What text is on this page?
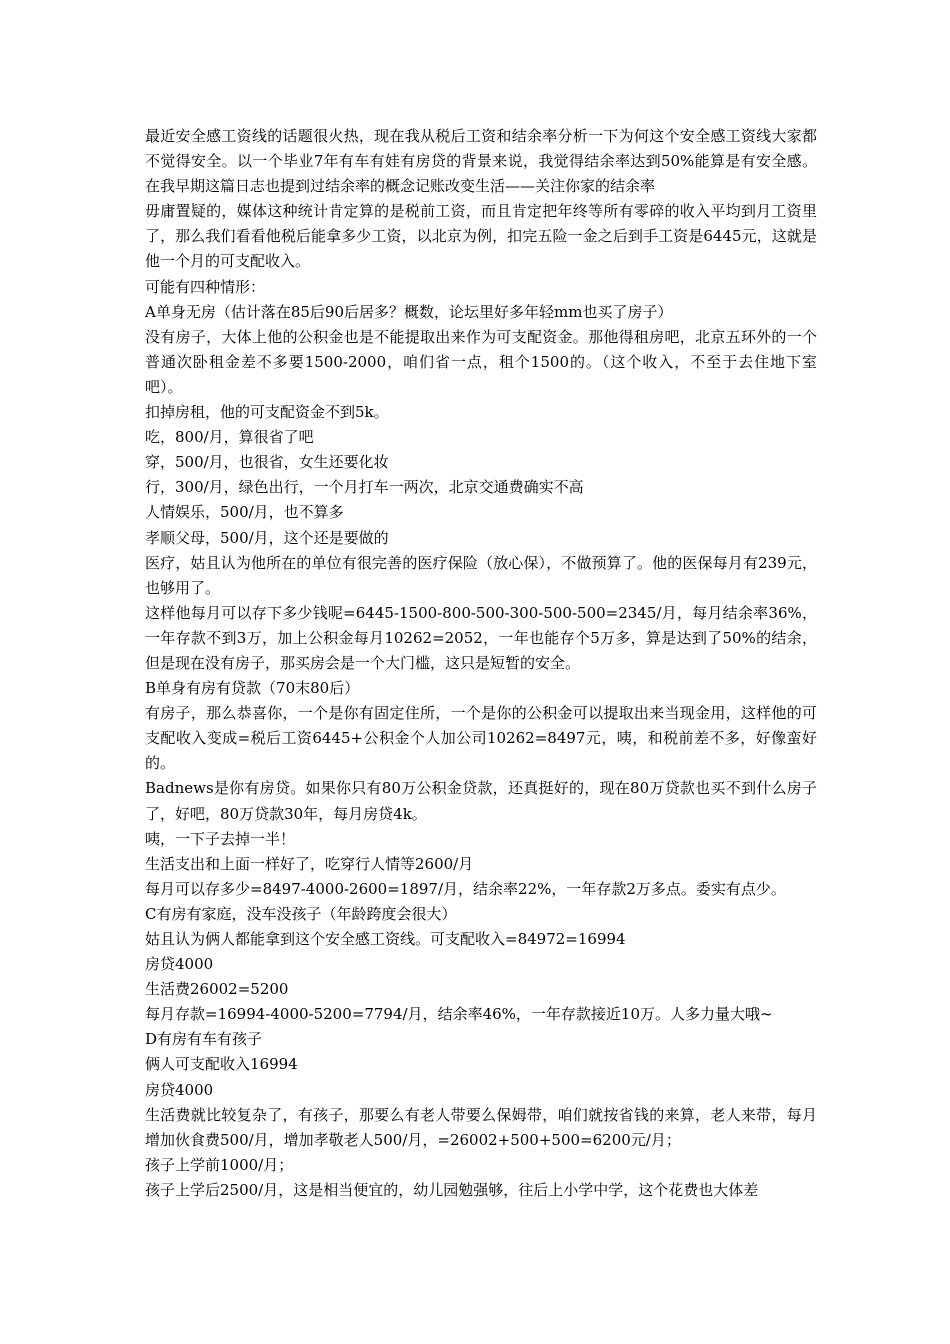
最近安全感工资线的话题很火热，现在我从税后工资和结余率分析一下为何这个安全感工资线大家都不觉得安全。以一个毕业7年有车有娃有房贷的背景来说，我觉得结余率达到50%能算是有安全感。在我早期这篇日志也提到过结余率的概念记账改变生活——关注你家的结余率

毋庸置疑的，媒体这种统计肯定算的是税前工资，而且肯定把年终等所有零碎的收入平均到月工资里了，那么我们看看他税后能拿多少工资，以北京为例，扣完五险一金之后到手工资是6445元，这就是他一个月的可支配收入。

可能有四种情形：

A单身无房（估计落在85后90后居多？概数，论坛里好多年轻mm也买了房子）

没有房子，大体上他的公积金也是不能提取出来作为可支配资金。那他得租房吧，北京五环外的一个普通次卧租金差不多要1500-2000，咱们省一点，租个1500的。（这个收入，不至于去住地下室吧）。

扣掉房租，他的可支配资金不到5k。

吃，800/月，算很省了吧

穿，500/月，也很省，女生还要化妆

行，300/月，绿色出行，一个月打车一两次，北京交通费确实不高

人情娱乐，500/月，也不算多

孝顺父母，500/月，这个还是要做的

医疗，姑且认为他所在的单位有很完善的医疗保险（放心保），不做预算了。他的医保每月有239元，也够用了。

这样他每月可以存下多少钱呢=6445-1500-800-500-300-500-500=2345/月，每月结余率36%，一年存款不到3万，加上公积金每月10262=2052，一年也能存个5万多，算是达到了50%的结余，但是现在没有房子，那买房会是一个大门槛，这只是短暂的安全。

B单身有房有贷款（70末80后）

有房子，那么恭喜你，一个是你有固定住所，一个是你的公积金可以提取出来当现金用，这样他的可支配收入变成=税后工资6445+公积金个人加公司10262=8497元，咦，和税前差不多，好像蛮好的。

Badnews是你有房贷。如果你只有80万公积金贷款，还真挺好的，现在80万贷款也买不到什么房子了，好吧，80万贷款30年，每月房贷4k。

咦，一下子去掉一半！

生活支出和上面一样好了，吃穿行人情等2600/月

每月可以存多少=8497-4000-2600=1897/月，结余率22%，一年存款2万多点。委实有点少。

C有房有家庭，没车没孩子（年龄跨度会很大）

姑且认为俩人都能拿到这个安全感工资线。可支配收入=84972=16994

房贷4000

生活费26002=5200

每月存款=16994-4000-5200=7794/月，结余率46%，一年存款接近10万。人多力量大哦~

D有房有车有孩子

俩人可支配收入16994

房贷4000

生活费就比较复杂了，有孩子，那要么有老人带要么保姆带，咱们就按省钱的来算，老人来带，每月增加伙食费500/月，增加孝敬老人500/月，=26002+500+500=6200元/月；

孩子上学前1000/月；

孩子上学后2500/月，这是相当便宜的，幼儿园勉强够，往后上小学中学，这个花费也大体差
